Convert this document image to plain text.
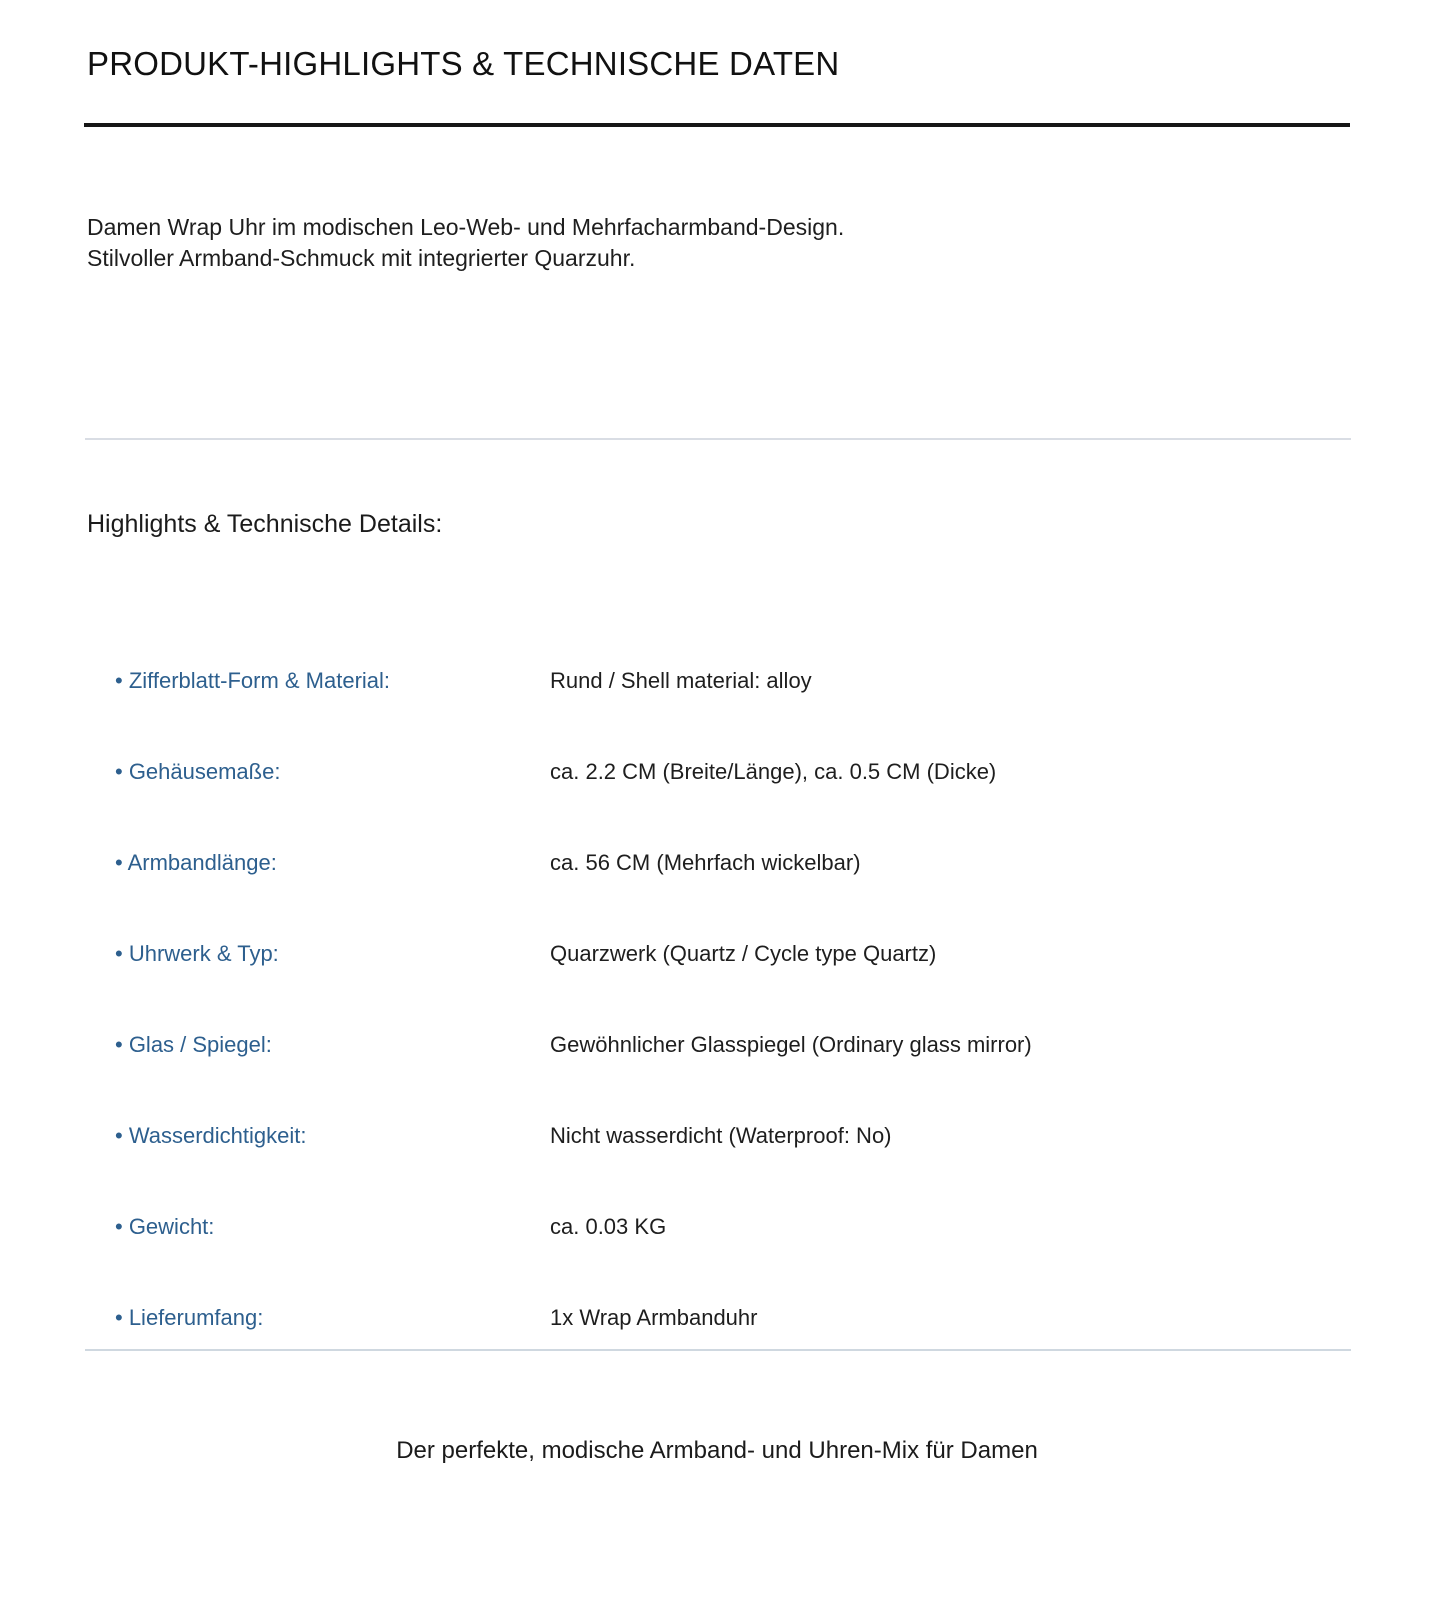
PRODUKT-HIGHLIGHTS & TECHNISCHE DATEN
Damen Wrap Uhr im modischen Leo-Web- und Mehrfacharmband-Design.
Stilvoller Armband-Schmuck mit integrierter Quarzuhr.
Highlights & Technische Details:
• Zifferblatt-Form & Material:	Rund / Shell material: alloy
• Gehäusemaße:	ca. 2.2 CM (Breite/Länge), ca. 0.5 CM (Dicke)
• Armbandlänge:	ca. 56 CM (Mehrfach wickelbar)
• Uhrwerk & Typ:	Quarzwerk (Quartz / Cycle type Quartz)
• Glas / Spiegel:	Gewöhnlicher Glasspiegel (Ordinary glass mirror)
• Wasserdichtigkeit:	Nicht wasserdicht (Waterproof: No)
• Gewicht:	ca. 0.03 KG
• Lieferumfang:	1x Wrap Armbanduhr
Der perfekte, modische Armband- und Uhren-Mix für Damen
